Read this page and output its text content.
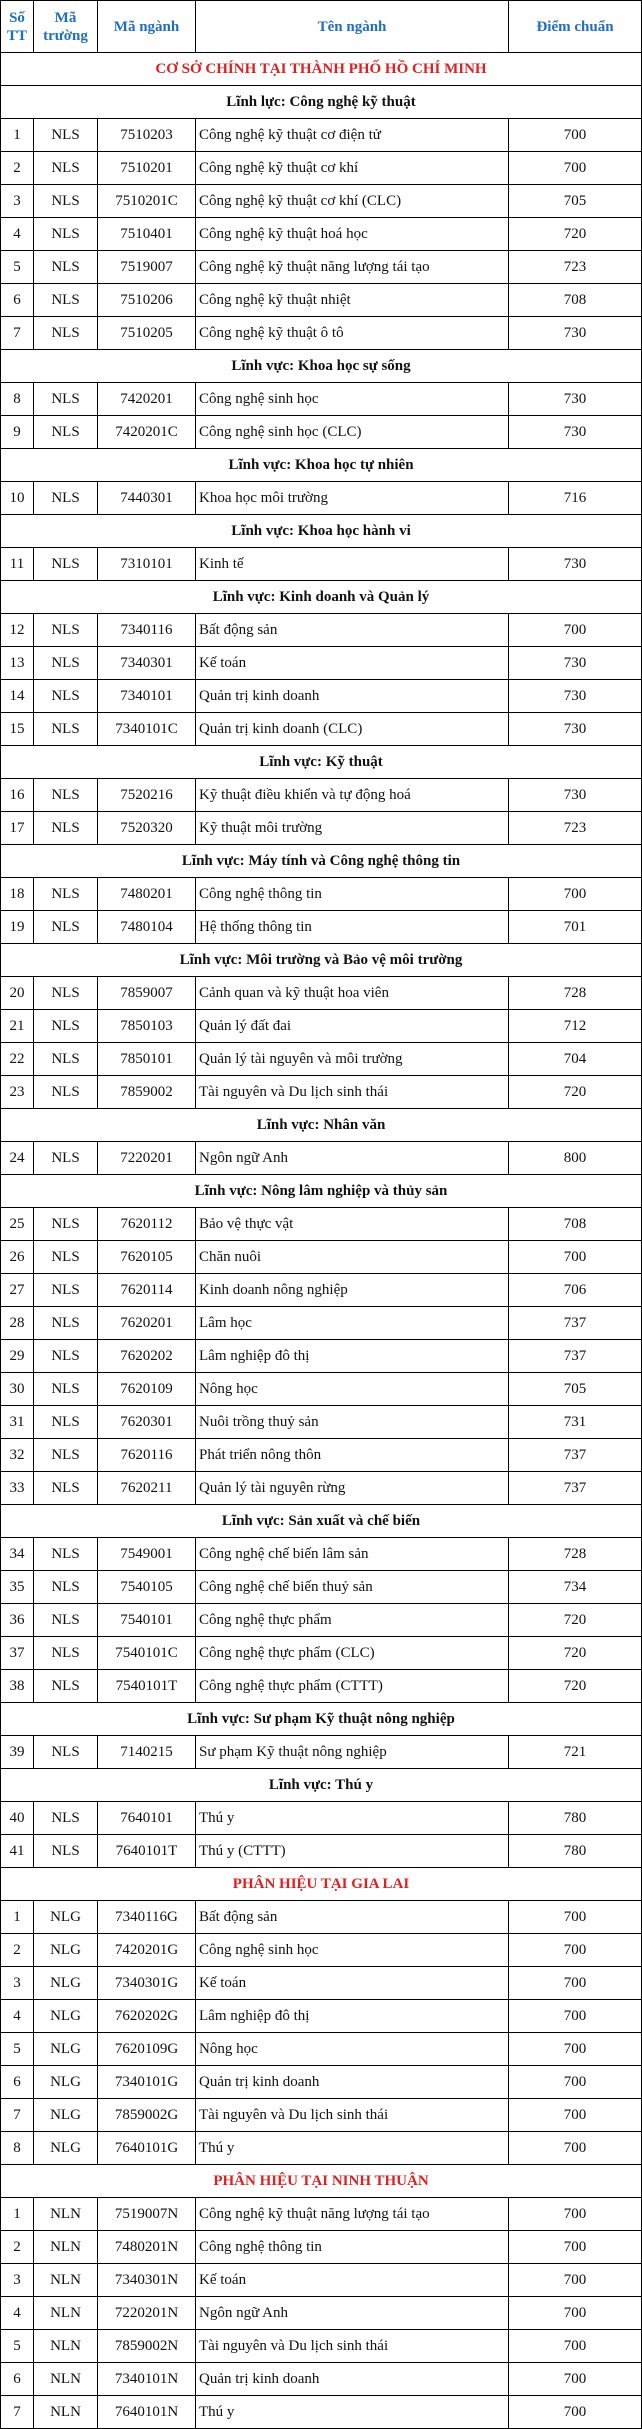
Số TT	Mã trường	Mã ngành	Tên ngành	Điểm chuẩn
CƠ SỞ CHÍNH TẠI THÀNH PHỐ HỒ CHÍ MINH				
Lĩnh lực: Công nghệ kỹ thuật				
1	NLS	7510203	Công nghệ kỹ thuật cơ điện tử	700
2	NLS	7510201	Công nghệ kỹ thuật cơ khí	700
3	NLS	7510201C	Công nghệ kỹ thuật cơ khí (CLC)	705
4	NLS	7510401	Công nghệ kỹ thuật hoá học	720
5	NLS	7519007	Công nghệ kỹ thuật năng lượng tái tạo	723
6	NLS	7510206	Công nghệ kỹ thuật nhiệt	708
7	NLS	7510205	Công nghệ kỹ thuật ô tô	730
Lĩnh vực: Khoa học sự sống				
8	NLS	7420201	Công nghệ sinh học	730
9	NLS	7420201C	Công nghệ sinh học (CLC)	730
Lĩnh vực: Khoa học tự nhiên				
10	NLS	7440301	Khoa học môi trường	716
Lĩnh vực: Khoa học hành vi				
11	NLS	7310101	Kinh tế	730
Lĩnh vực: Kinh doanh và Quản lý				
12	NLS	7340116	Bất động sản	700
13	NLS	7340301	Kế toán	730
14	NLS	7340101	Quản trị kinh doanh	730
15	NLS	7340101C	Quản trị kinh doanh (CLC)	730
Lĩnh vực: Kỹ thuật				
16	NLS	7520216	Kỹ thuật điều khiển và tự động hoá	730
17	NLS	7520320	Kỹ thuật môi trường	723
Lĩnh vực: Máy tính và Công nghệ thông tin				
18	NLS	7480201	Công nghệ thông tin	700
19	NLS	7480104	Hệ thống thông tin	701
Lĩnh vực: Môi trường và Bảo vệ môi trường				
20	NLS	7859007	Cảnh quan và kỹ thuật hoa viên	728
21	NLS	7850103	Quản lý đất đai	712
22	NLS	7850101	Quản lý tài nguyên và môi trường	704
23	NLS	7859002	Tài nguyên và Du lịch sinh thái	720
Lĩnh vực: Nhân văn				
24	NLS	7220201	Ngôn ngữ Anh	800
Lĩnh vực: Nông lâm nghiệp và thủy sản				
25	NLS	7620112	Bảo vệ thực vật	708
26	NLS	7620105	Chăn nuôi	700
27	NLS	7620114	Kinh doanh nông nghiệp	706
28	NLS	7620201	Lâm học	737
29	NLS	7620202	Lâm nghiệp đô thị	737
30	NLS	7620109	Nông học	705
31	NLS	7620301	Nuôi trồng thuỷ sản	731
32	NLS	7620116	Phát triển nông thôn	737
33	NLS	7620211	Quản lý tài nguyên rừng	737
Lĩnh vực: Sản xuất và chế biến				
34	NLS	7549001	Công nghệ chế biến lâm sản	728
35	NLS	7540105	Công nghệ chế biến thuỷ sản	734
36	NLS	7540101	Công nghệ thực phẩm	720
37	NLS	7540101C	Công nghệ thực phẩm (CLC)	720
38	NLS	7540101T	Công nghệ thực phẩm (CTTT)	720
Lĩnh vực: Sư phạm Kỹ thuật nông nghiệp				
39	NLS	7140215	Sư phạm Kỹ thuật nông nghiệp	721
Lĩnh vực: Thú y				
40	NLS	7640101	Thú y	780
41	NLS	7640101T	Thú y (CTTT)	780
PHÂN HIỆU TẠI GIA LAI				
1	NLG	7340116G	Bất động sản	700
2	NLG	7420201G	Công nghệ sinh học	700
3	NLG	7340301G	Kế toán	700
4	NLG	7620202G	Lâm nghiệp đô thị	700
5	NLG	7620109G	Nông học	700
6	NLG	7340101G	Quản trị kinh doanh	700
7	NLG	7859002G	Tài nguyên và Du lịch sinh thái	700
8	NLG	7640101G	Thú y	700
PHÂN HIỆU TẠI NINH THUẬN				
1	NLN	7519007N	Công nghệ kỹ thuật năng lượng tái tạo	700
2	NLN	7480201N	Công nghệ thông tin	700
3	NLN	7340301N	Kế toán	700
4	NLN	7220201N	Ngôn ngữ Anh	700
5	NLN	7859002N	Tài nguyên và Du lịch sinh thái	700
6	NLN	7340101N	Quản trị kinh doanh	700
7	NLN	7640101N	Thú y	700
